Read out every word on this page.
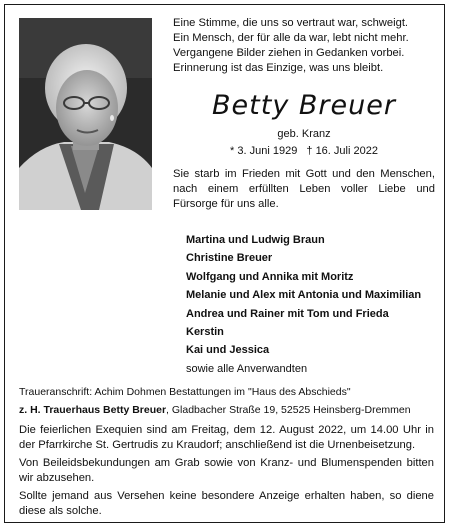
Eine Stimme, die uns so vertraut war, schweigt.
Ein Mensch, der für alle da war, lebt nicht mehr.
Vergangene Bilder ziehen in Gedanken vorbei.
Erinnerung ist das Einzige, was uns bleibt.
Betty Breuer
geb. Kranz
* 3. Juni 1929 † 16. Juli 2022
Sie starb im Frieden mit Gott und den Menschen, nach einem erfüllten Leben voller Liebe und Fürsorge für uns alle.
Martina und Ludwig Braun
Christine Breuer
Wolfgang und Annika mit Moritz
Melanie und Alex mit Antonia und Maximilian
Andrea und Rainer mit Tom und Frieda
Kerstin
Kai und Jessica
sowie alle Anverwandten
Traueranschrift: Achim Dohmen Bestattungen im "Haus des Abschieds"
z. H. Trauerhaus Betty Breuer, Gladbacher Straße 19, 52525 Heinsberg-Dremmen

Die feierlichen Exequien sind am Freitag, dem 12. August 2022, um 14.00 Uhr in der Pfarrkirche St. Gertrudis zu Kraudorf; anschließend ist die Urnenbeisetzung.

Von Beileidsbekundungen am Grab sowie von Kranz- und Blumenspenden bitten wir abzusehen.

Sollte jemand aus Versehen keine besondere Anzeige erhalten haben, so diene diese als solche.
